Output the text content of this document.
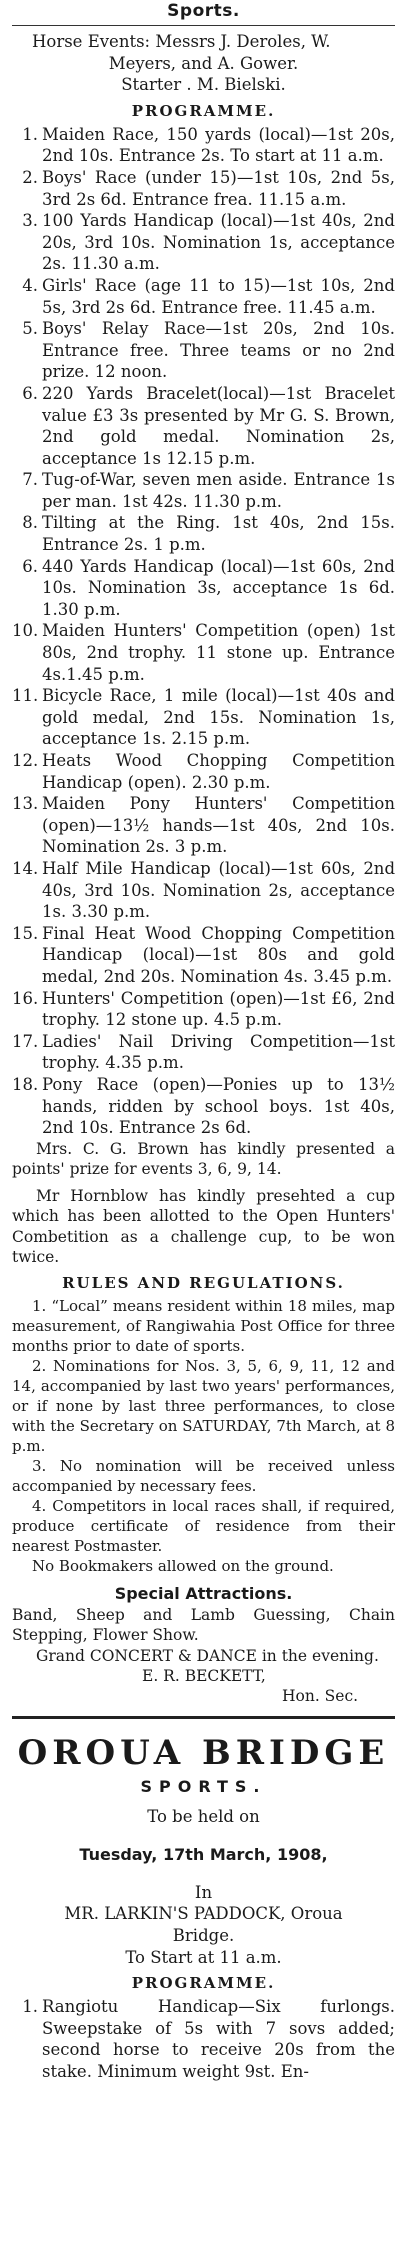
Sports.

Horse Events: Messrs J. Deroles, W.

Meyers, and A. Gower.

Starter . M. Bielski.

PROGRAMME.
1. Maiden Race, 150 yards (local)—1st 20s, 2nd 10s. Entrance 2s. To start at 11 a.m.
2. Boys' Race (under 15)—1st 10s, 2nd 5s, 3rd 2s 6d. Entrance frea. 11.15 a.m.
3. 100 Yards Handicap (local)—1st 40s, 2nd 20s, 3rd 10s. Nomination 1s, acceptance 2s. 11.30 a.m.
4. Girls' Race (age 11 to 15)—1st 10s, 2nd 5s, 3rd 2s 6d. Entrance free. 11.45 a.m.
5. Boys' Relay Race—1st 20s, 2nd 10s. Entrance free. Three teams or no 2nd prize. 12 noon.
6. 220 Yards Bracelet(local)—1st Bracelet value £3 3s presented by Mr G. S. Brown, 2nd gold medal. Nomination 2s, acceptance 1s 12.15 p.m.
7. Tug-of-War, seven men aside. Entrance 1s per man. 1st 42s. 11.30 p.m.
8. Tilting at the Ring. 1st 40s, 2nd 15s. Entrance 2s. 1 p.m.
6. 440 Yards Handicap (local)—1st 60s, 2nd 10s. Nomination 3s, acceptance 1s 6d. 1.30 p.m.
10. Maiden Hunters' Competition (open) 1st 80s, 2nd trophy. 11 stone up. Entrance 4s.1.45 p.m.
11. Bicycle Race, 1 mile (local)—1st 40s and gold medal, 2nd 15s. Nomination 1s, acceptance 1s. 2.15 p.m.
12. Heats Wood Chopping Competition Handicap (open). 2.30 p.m.
13. Maiden Pony Hunters' Competition (open)—13½ hands—1st 40s, 2nd 10s. Nomination 2s. 3 p.m.
14. Half Mile Handicap (local)—1st 60s, 2nd 40s, 3rd 10s. Nomination 2s, acceptance 1s. 3.30 p.m.
15. Final Heat Wood Chopping Competition Handicap (local)—1st 80s and gold medal, 2nd 20s. Nomination 4s. 3.45 p.m.
16. Hunters' Competition (open)—1st £6, 2nd trophy. 12 stone up. 4.5 p.m.
17. Ladies' Nail Driving Competition—1st trophy. 4.35 p.m.
18. Pony Race (open)—Ponies up to 13½ hands, ridden by school boys. 1st 40s, 2nd 10s. Entrance 2s 6d.

Mrs. C. G. Brown has kindly presented a points' prize for events 3, 6, 9, 14.

Mr Hornblow has kindly presehted a cup which has been allotted to the Open Hunters' Combetition as a challenge cup, to be won twice.

RULES AND REGULATIONS.

1. “Local” means resident within 18 miles, map measurement, of Rangiwahia Post Office for three months prior to date of sports.

2. Nominations for Nos. 3, 5, 6, 9, 11, 12 and 14, accompanied by last two years' performances, or if none by last three performances, to close with the Secretary on SATURDAY, 7th March, at 8 p.m.

3. No nomination will be received unless accompanied by necessary fees.

4. Competitors in local races shall, if required, produce certificate of residence from their nearest Postmaster.

No Bookmakers allowed on the ground.

Special Attractions.

Band, Sheep and Lamb Guessing, Chain Stepping, Flower Show.

Grand CONCERT & DANCE in the evening.

E. R. BECKETT,
Hon. Sec.
OROUA BRIDGE
SPORTS.

To be held on

Tuesday, 17th March, 1908,

In

MR. LARKIN'S PADDOCK, Oroua

Bridge.

To Start at 11 a.m.

PROGRAMME.
1. Rangiotu Handicap—Six furlongs. Sweepstake of 5s with 7 sovs added; second horse to receive 20s from the stake. Minimum weight 9st. En-
